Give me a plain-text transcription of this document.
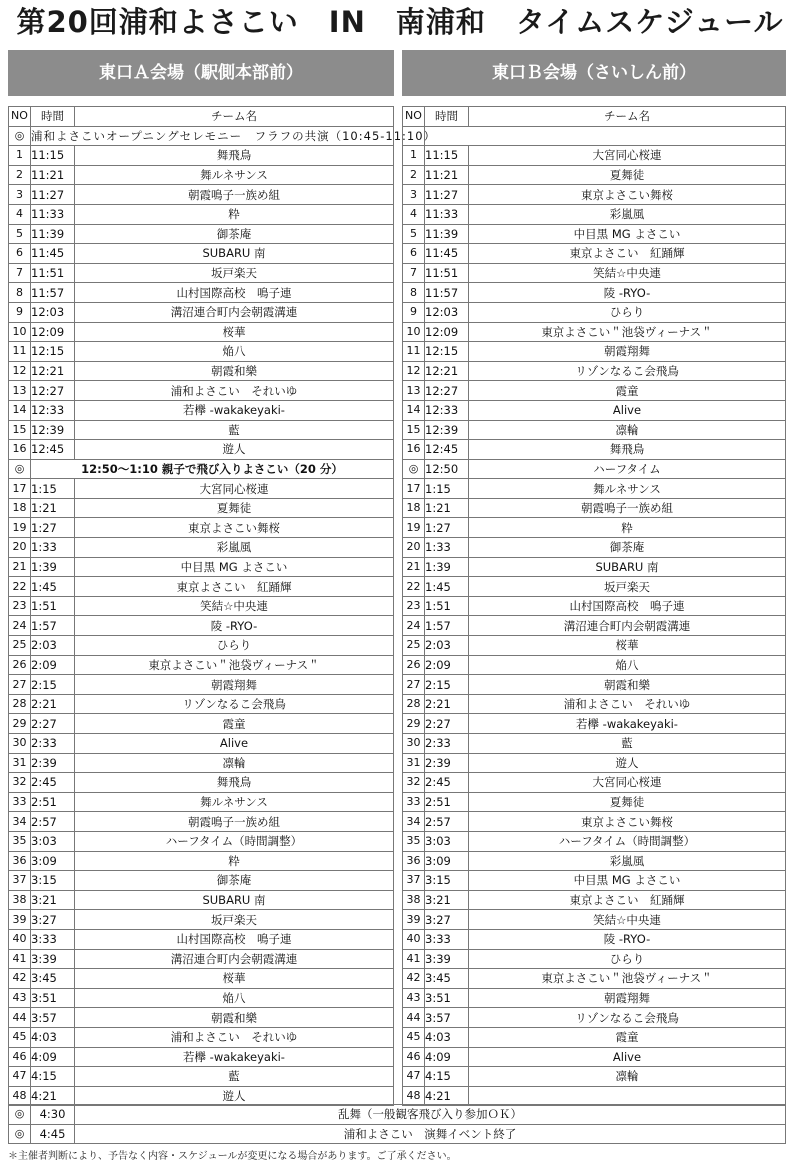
第20回浦和よさこい　IN　南浦和　タイムスケジュール
東口Ａ会場（駅側本部前）	東口Ｂ会場（さいしん前）
NO	時間	チーム名
◎	浦和よさこいオープニングセレモニー　フラフの共演（10:45-11:10）	
1	11:15	舞飛鳥
2	11:21	舞ルネサンス
3	11:27	朝霞鳴子一族め組
4	11:33	粋
5	11:39	御茶庵
6	11:45	SUBARU 南
7	11:51	坂戸楽天
8	11:57	山村国際高校　鳴子連
9	12:03	溝沼連合町内会朝霞溝連
10	12:09	桜華
11	12:15	焔八
12	12:21	朝霞和樂
13	12:27	浦和よさこい　それいゆ
14	12:33	若欅 -wakakeyaki-
15	12:39	藍
16	12:45	遊人
◎	12:50～1:10 親子で飛び入りよさこい（20 分）	
17	1:15	大宮同心桜連
18	1:21	夏舞徒
19	1:27	東京よさこい舞桜
20	1:33	彩嵐風
21	1:39	中目黒 MG よさこい
22	1:45	東京よさこい　紅踊輝
23	1:51	笑結☆中央連
24	1:57	陵 -RYO-
25	2:03	ひらり
26	2:09	東京よさこい＂池袋ヴィーナス＂
27	2:15	朝霞翔舞
28	2:21	リゾンなるこ会飛鳥
29	2:27	霞童
30	2:33	Alive
31	2:39	凛輪
32	2:45	舞飛鳥
33	2:51	舞ルネサンス
34	2:57	朝霞鳴子一族め組
35	3:03	ハーフタイム（時間調整）
36	3:09	粋
37	3:15	御茶庵
38	3:21	SUBARU 南
39	3:27	坂戸楽天
40	3:33	山村国際高校　鳴子連
41	3:39	溝沼連合町内会朝霞溝連
42	3:45	桜華
43	3:51	焔八
44	3:57	朝霞和樂
45	4:03	浦和よさこい　それいゆ
46	4:09	若欅 -wakakeyaki-
47	4:15	藍
48	4:21	遊人
NO	時間	チーム名

1	11:15	大宮同心桜連
2	11:21	夏舞徒
3	11:27	東京よさこい舞桜
4	11:33	彩嵐風
5	11:39	中目黒 MG よさこい
6	11:45	東京よさこい　紅踊輝
7	11:51	笑結☆中央連
8	11:57	陵 -RYO-
9	12:03	ひらり
10	12:09	東京よさこい＂池袋ヴィーナス＂
11	12:15	朝霞翔舞
12	12:21	リゾンなるこ会飛鳥
13	12:27	霞童
14	12:33	Alive
15	12:39	凛輪
16	12:45	舞飛鳥
◎	12:50	ハーフタイム
17	1:15	舞ルネサンス
18	1:21	朝霞鳴子一族め組
19	1:27	粋
20	1:33	御茶庵
21	1:39	SUBARU 南
22	1:45	坂戸楽天
23	1:51	山村国際高校　鳴子連
24	1:57	溝沼連合町内会朝霞溝連
25	2:03	桜華
26	2:09	焔八
27	2:15	朝霞和樂
28	2:21	浦和よさこい　それいゆ
29	2:27	若欅 -wakakeyaki-
30	2:33	藍
31	2:39	遊人
32	2:45	大宮同心桜連
33	2:51	夏舞徒
34	2:57	東京よさこい舞桜
35	3:03	ハーフタイム（時間調整）
36	3:09	彩嵐風
37	3:15	中目黒 MG よさこい
38	3:21	東京よさこい　紅踊輝
39	3:27	笑結☆中央連
40	3:33	陵 -RYO-
41	3:39	ひらり
42	3:45	東京よさこい＂池袋ヴィーナス＂
43	3:51	朝霞翔舞
44	3:57	リゾンなるこ会飛鳥
45	4:03	霞童
46	4:09	Alive
47	4:15	凛輪
48	4:21	
◎	4:30	乱舞（一般観客飛び入り参加ＯＫ）
◎	4:45	浦和よさこい　演舞イベント終了
＊主催者判断により、予告なく内容・スケジュールが変更になる場合があります。ご了承ください。
